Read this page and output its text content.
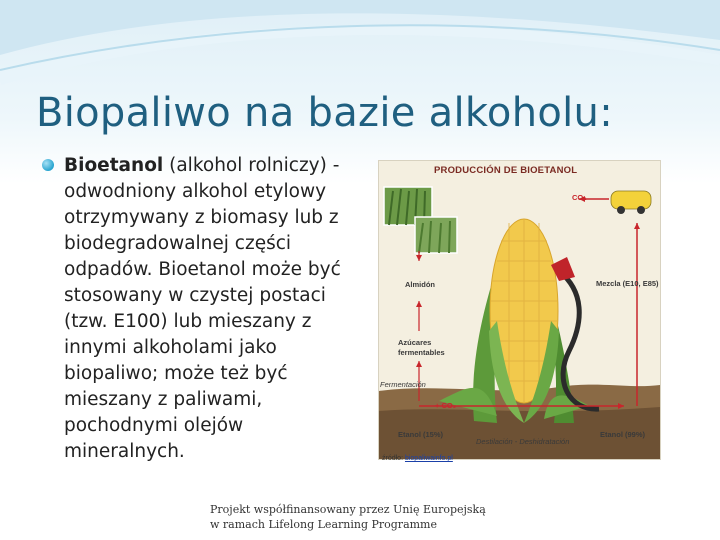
Biopaliwo na bazie alkoholu:
Bioetanol (alkohol rolniczy) - odwodniony alkohol etylowy otrzymywany z biomasy lub z biodegradowalnej części odpadów. Bioetanol może być stosowany w czystej postaci (tzw. E100) lub mieszany z innymi alkoholami jako biopaliwo; może też być mieszany z paliwami, pochodnymi olejów mineralnych.
PRODUCCIÓN DE BIOETANOL
CO₂
Almidón
Azúcares
fermentables
Fermentación
+ CO₂
Mezcla (E10, E85)
Etanol (15%)
Destilación - Deshidratación
Etanol (99%)
źródło: biopaliwainfo.pl
Projekt współfinansowany przez Unię Europejską
w ramach Lifelong Learning Programme
